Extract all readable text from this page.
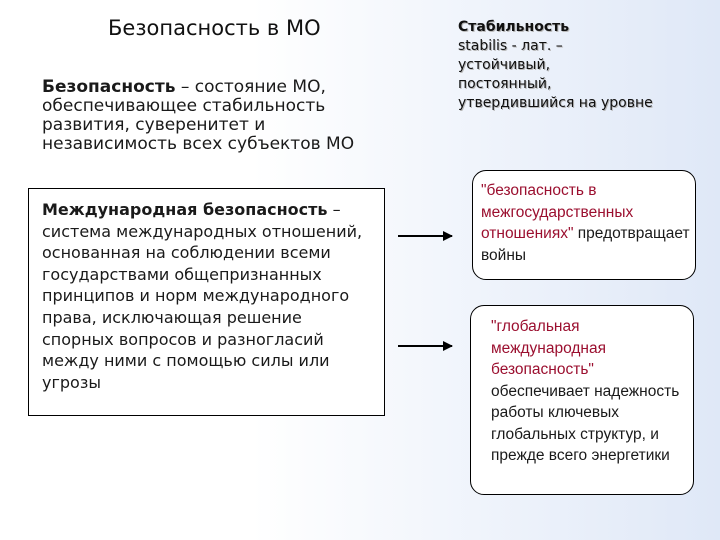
Безопасность в МО
Безопасность – состояние МО, обеспечивающее стабильность развития, суверенитет и независимость всех субъектов МО
Международная безопасность – система международных отношений, основанная на соблюдении всеми государствами общепризнанных принципов и норм международного права, исключающая решение спорных вопросов и разногласий между ними с помощью силы или угрозы
Стабильность
stabilis - лат. –
устойчивый,
постоянный,
утвердившийся на уровне
"безопасность в межгосударственных отношениях" предотвращает войны
"глобальная международная безопасность" обеспечивает надежность работы ключевых глобальных структур, и прежде всего энергетики
